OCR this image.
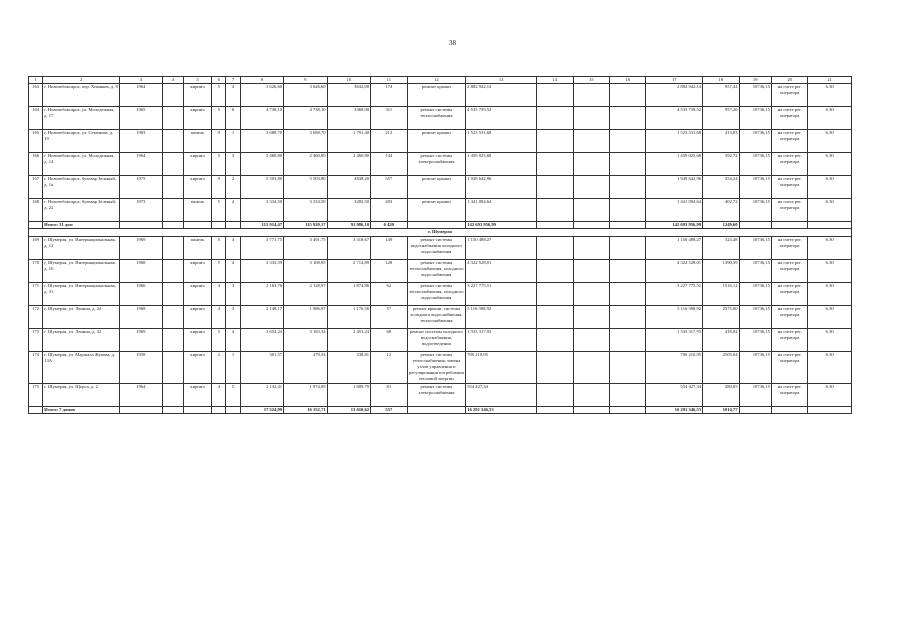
38
1	2	3	4	5	6	7	8	9	10	11	12	13	14	15	16	17	18	19	20	21
163	г. Новочебоксарск, пер. Химиков, д. 8	1964		кирпич	5	4	3 626,60	3 626,60	3632,00	174	ремонт крыши	2 882 942,14				2 882 942,14	957,44	10736,15	на счете рег. оператора	6.30
164	г. Новочебоксарск, ул. Молодежная, д. 17	1965		кирпич	5	6	4 738,10	4 738,10	3368,00	311	ремонт системы теплоснабжения	4 535 739,52				4 535 739,52	957,26	10736,15	на счете рег. оператора	6.30
165	г. Новочебоксарск, ул. Семенова, д. 19	1983		панель	9	1	3 688,70	3 688,70	1 791,40	212	ремонт крыши	1 523 531,68				1 523 531,68	413,03	10736,15	на счете рег. оператора	6.30
166	г. Новочебоксарск, ул. Молодежная, д. 14	1964		кирпич	5	3	2 460,80	2 460,80	2 460,80	144	ремонт системы электроснабжения	1 459 025,68				1 459 025,68	592,72	10736,15	на счете рег. оператора	6.30
167	г. Новочебоксарск, бульвар Зеленый, д. 1а	1975		кирпич	9	2	5 503,80	5 503,80	4838,20	357	ремонт крыши	1 949 642,96				1 949 642,96	354,24	10736,15	на счете рег. оператора	6.30
168	г. Новочебоксарск, бульвар Зеленый, д. 22	1973		панель	5	4	3 334,50	3 334,50	3283,50	203	ремонт крыши	1 441 094,64				1 441 094,64	402,72	10736,15	на счете рег. оператора	6.30
	Итого: 31 дом						115 914,47	115 920,17	91 986,10	6 420		142 693 956,99				142 693 956,99	1249,60			
г. Шумерля																				
169	г. Шумерля, ул. Интернациональная, д. 12	1969		панель	5	4	3 771,75	3 491,75	3 318,67	149	ремонт системы водоснабжения холодного водоснабжения	1 150 488,27				1 150 488,27	323,48	10736,15	на счете рег. оператора	6.30
170	г. Шумерля, ул. Интернациональная, д. 16	1968		кирпич	5	4	3 333,59	3 108,85	2 714,89	128	ремонт системы теплоснабжения, холодного водоснабжения	4 322 528,01				4 322 528,01	1390,39	10736,15	на счете рег. оператора	6.30
171	г. Шумерля, ул. Интернациональная, д. 31	1966		кирпич	4	3	2 163,76	2 128,97	1 874,86	62	ремонт системы теплоснабжения, холодного водоснабжения	3 227 775,51				3 227 775,51	1516,12	10736,15	на счете рег. оператора	6.30
172	г. Шумерля, ул. Ленина, д. 24	1968		кирпич	4	3	2 148,17	1 986,97	1 176,56	57	ремонт крыши, системы холодного водоснабжения, теплоснабжения	5 116 398,92				5 116 398,92	2575,00	10736,15	на счете рег. оператора	6.30
173	г. Шумерля, ул. Ленина, д. 32	1969		кирпич	5	4	3 654,24	3 183,34	2 453,24	68	ремонт системы холодного водоснабжения, водоотведения	1 333 317,93				1 333 317,93	418,82	10736,15	на счете рег. оператора	6.30
174	г. Шумерля, ул. Маршала Жукова, д. 13А	1958		кирпич	2	1	301,57	279,54	238,81	12	ремонт системы теплоснабжения, замена узлов управления и регулирования потребления тепловой энергии	700 210,95				700 210,95	2505,04	10736,15	на счете рег. оператора	6.30
175	г. Шумерля, ул. Щорса, д. 2	1964		кирпич	4	5	2 132,41	1 974,09	1 689,79	81	ремонт системы электроснабжения	554 427,34				554 427,34	280,85	10736,15	на счете рег. оператора	6.30
	Итого: 7 домов						17 324,99	16 152,71	13 610,62	557		16 291 346,53				16 291 346,53	1014,77			
